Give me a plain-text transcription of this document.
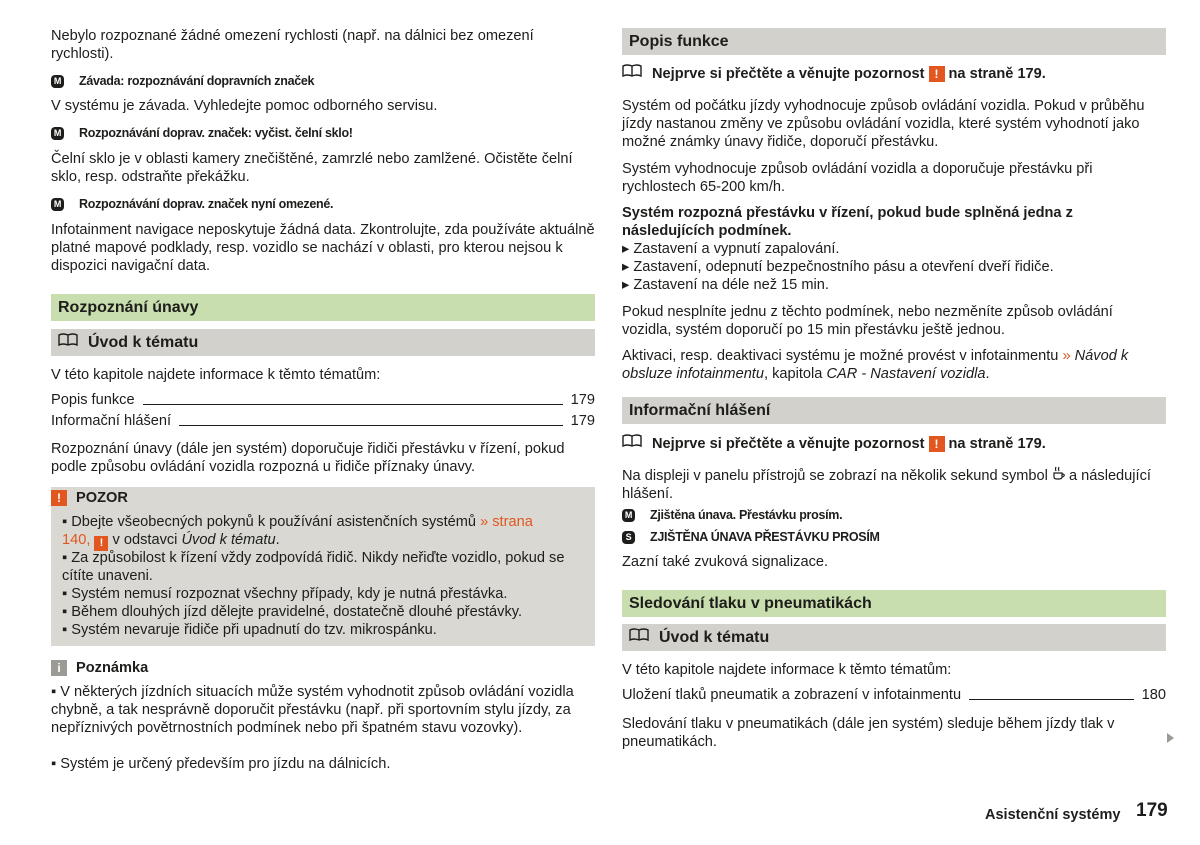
Nebylo rozpoznané žádné omezení rychlosti (např. na dálnici bez omezení rychlosti).

M Závada: rozpoznávání dopravních značek

V systému je závada. Vyhledejte pomoc odborného servisu.

M Rozpoznávání doprav. značek: vyčist. čelní sklo!

Čelní sklo je v oblasti kamery znečištěné, zamrzlé nebo zamlžené. Očistěte čelní sklo, resp. odstraňte překážku.

M Rozpoznávání doprav. značek nyní omezené.

Infotainment navigace neposkytuje žádná data. Zkontrolujte, zda používáte aktuálně platné mapové podklady, resp. vozidlo se nachází v oblasti, pro kterou nejsou k dispozici navigační data.

Rozpoznání únavy
Úvod k tématu

V této kapitole najdete informace k těmto tématům:

Popis funkce	179
Informační hlášení	179

Rozpoznání únavy (dále jen systém) doporučuje řidiči přestávku v řízení, pokud podle způsobu ovládání vozidla rozpozná u řidiče příznaky únavy.

!	POZOR
▪ Dbejte všeobecných pokynů k používání asistenčních systémů » strana 140, ! v odstavci Úvod k tématu.
▪ Za způsobilost k řízení vždy zodpovídá řidič. Nikdy neřiďte vozidlo, pokud se cítíte unaveni.
▪ Systém nemusí rozpoznat všechny případy, kdy je nutná přestávka.
▪ Během dlouhých jízd dělejte pravidelné, dostatečně dlouhé přestávky.
▪ Systém nevaruje řidiče při upadnutí do tzv. mikrospánku.
i	Poznámka
▪ V některých jízdních situacích může systém vyhodnotit způsob ovládání vozidla chybně, a tak nesprávně doporučit přestávku (např. při sportovním stylu jízdy, za nepříznivých povětrnostních podmínek nebo při špatném stavu vozovky).
▪ Systém je určený především pro jízdu na dálnicích.
Popis funkce
Nejprve si přečtěte a věnujte pozornost ! na straně 179.

Systém od počátku jízdy vyhodnocuje způsob ovládání vozidla. Pokud v průběhu jízdy nastanou změny ve způsobu ovládání vozidla, které systém vyhodnotí jako možné známky únavy řidiče, doporučí přestávku.

Systém vyhodnocuje způsob ovládání vozidla a doporučuje přestávku při rychlostech 65-200 km/h.

Systém rozpozná přestávku v řízení, pokud bude splněná jedna z následujících podmínek.

▸ Zastavení a vypnutí zapalování.
▸ Zastavení, odepnutí bezpečnostního pásu a otevření dveří řidiče.
▸ Zastavení na déle než 15 min.

Pokud nesplníte jednu z těchto podmínek, nebo nezměníte způsob ovládání vozidla, systém doporučí po 15 min přestávku ještě jednou.

Aktivaci, resp. deaktivaci systému je možné provést v infotainmentu » Návod k obsluze infotainmentu, kapitola CAR - Nastavení vozidla.

Informační hlášení
Nejprve si přečtěte a věnujte pozornost ! na straně 179.

Na displeji v panelu přístrojů se zobrazí na několik sekund symbol a následující hlášení.

M Zjištěna únava. Přestávku prosím.
S ZJIŠTĚNA ÚNAVA PŘESTÁVKU PROSÍM

Zazní také zvuková signalizace.

Sledování tlaku v pneumatikách
Úvod k tématu

V této kapitole najdete informace k těmto tématům:

Uložení tlaků pneumatik a zobrazení v infotainmentu	180

Sledování tlaku v pneumatikách (dále jen systém) sleduje během jízdy tlak v pneumatikách.

Asistenční systémy 179
